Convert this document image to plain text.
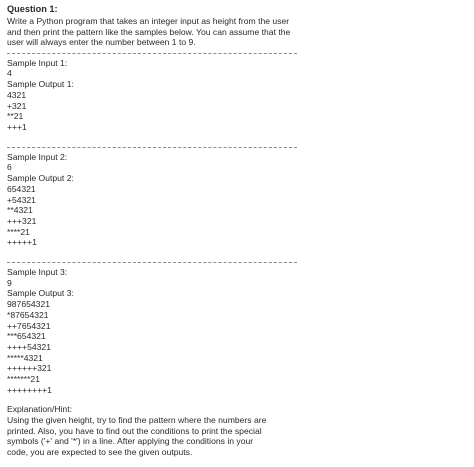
Question 1:

Write a Python program that takes an integer input as height from the user

and then print the pattern like the samples below. You can assume that the

user will always enter the number between 1 to 9.

Sample Input 1:

4

Sample Output 1:

4321

+321

**21

+++1

Sample Input 2:

6

Sample Output 2:

654321

+54321

**4321

+++321

****21

+++++1

Sample Input 3:

9

Sample Output 3:

987654321

*87654321

++7654321

***654321

++++54321

*****4321

++++++321

*******21

++++++++1

Explanation/Hint:

Using the given height, try to find the pattern where the numbers are

printed. Also, you have to find out the conditions to print the special

symbols ('+' and '*') in a line. After applying the conditions in your

code, you are expected to see the given outputs.
